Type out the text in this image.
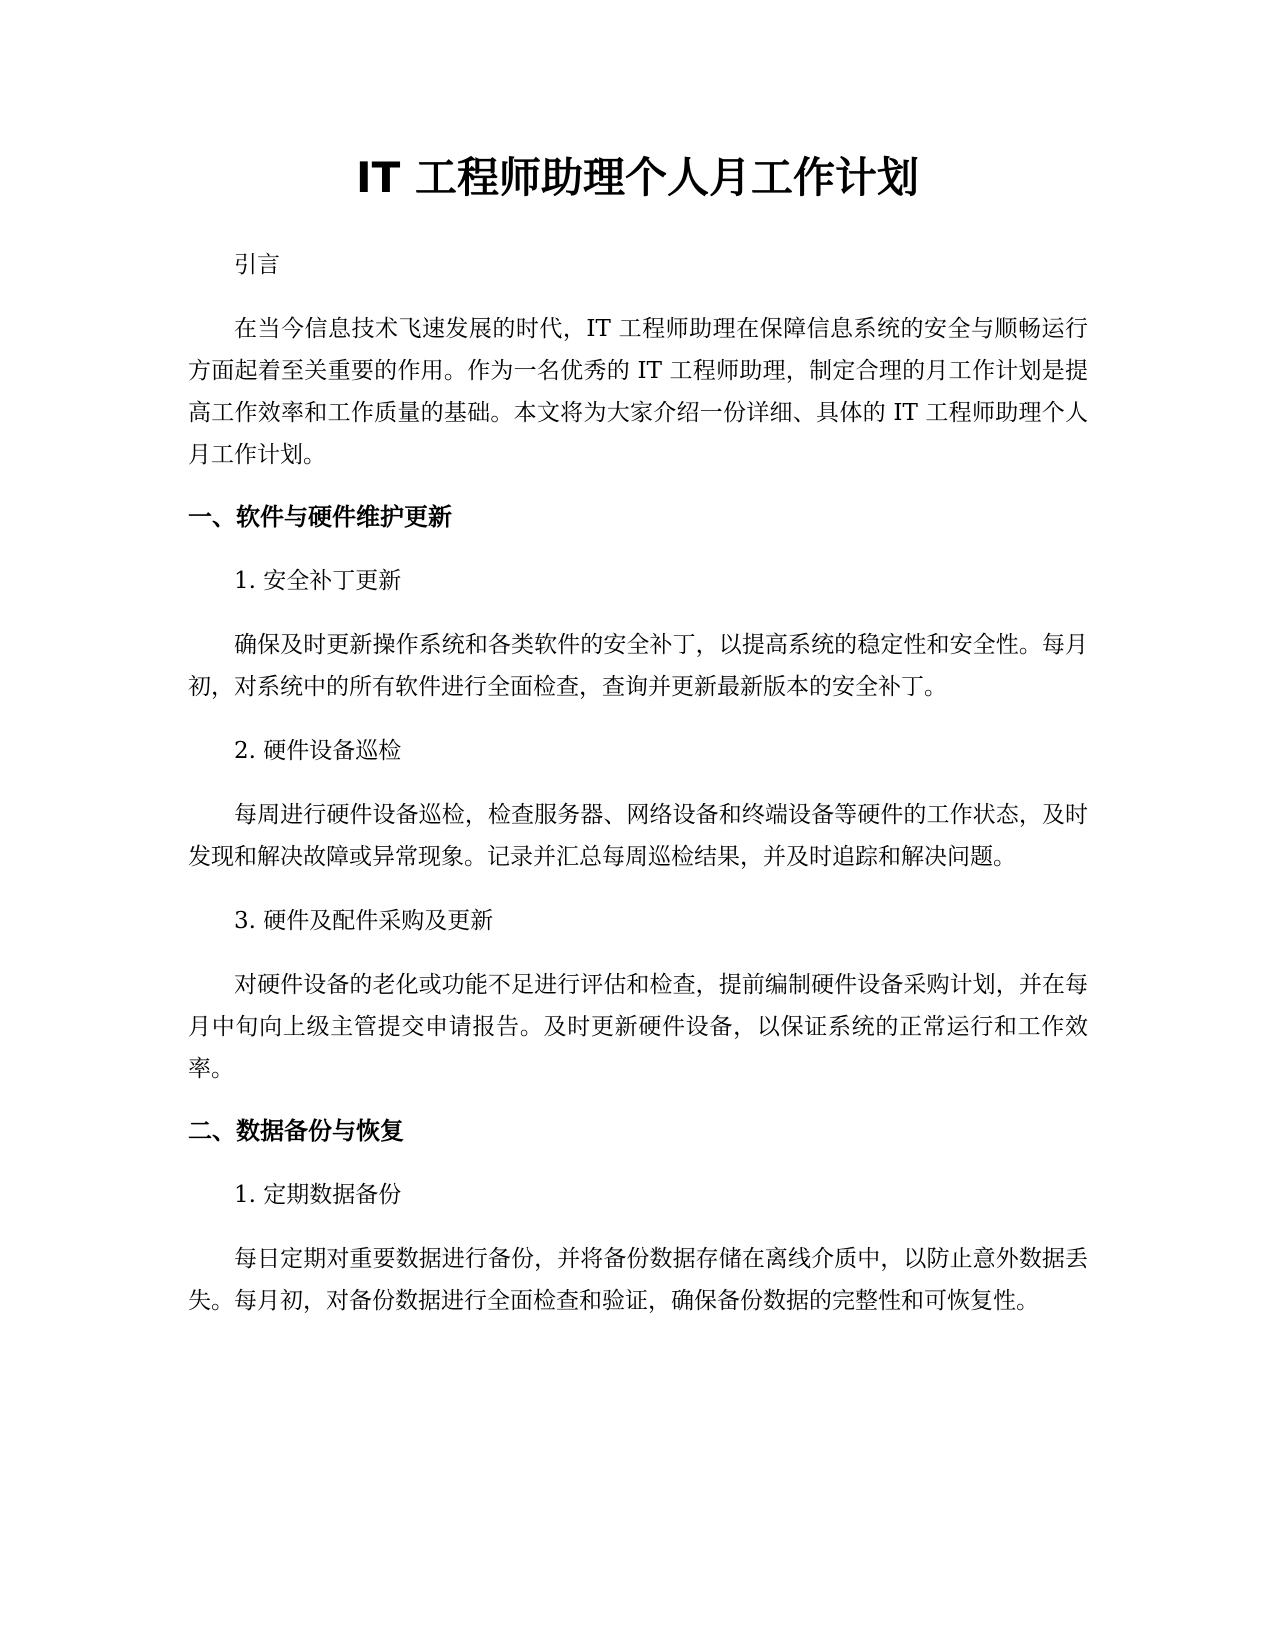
IT 工程师助理个人月工作计划

引言

在当今信息技术飞速发展的时代，IT 工程师助理在保障信息系统的安全与顺畅运行方面起着至关重要的作用。作为一名优秀的 IT 工程师助理，制定合理的月工作计划是提高工作效率和工作质量的基础。本文将为大家介绍一份详细、具体的 IT 工程师助理个人月工作计划。

一、软件与硬件维护更新

1. 安全补丁更新

确保及时更新操作系统和各类软件的安全补丁，以提高系统的稳定性和安全性。每月初，对系统中的所有软件进行全面检查，查询并更新最新版本的安全补丁。

2. 硬件设备巡检

每周进行硬件设备巡检，检查服务器、网络设备和终端设备等硬件的工作状态，及时发现和解决故障或异常现象。记录并汇总每周巡检结果，并及时追踪和解决问题。

3. 硬件及配件采购及更新

对硬件设备的老化或功能不足进行评估和检查，提前编制硬件设备采购计划，并在每月中旬向上级主管提交申请报告。及时更新硬件设备，以保证系统的正常运行和工作效率。

二、数据备份与恢复

1. 定期数据备份

每日定期对重要数据进行备份，并将备份数据存储在离线介质中，以防止意外数据丢失。每月初，对备份数据进行全面检查和验证，确保备份数据的完整性和可恢复性。
